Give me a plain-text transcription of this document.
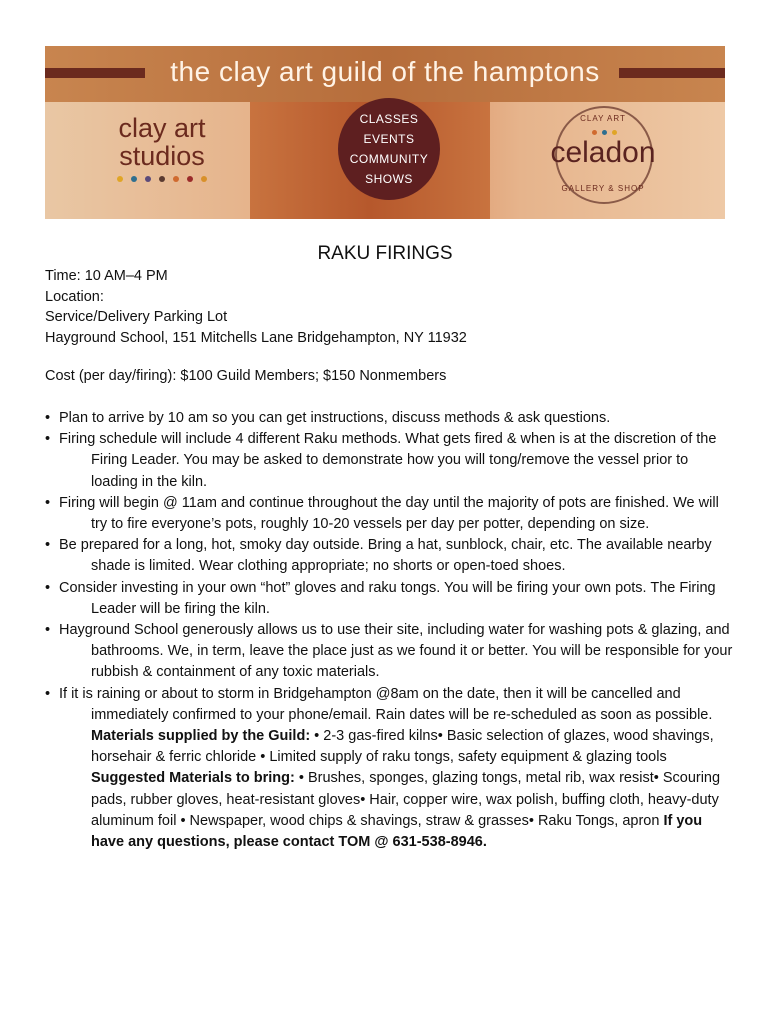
the clay art guild of the hamptons
CLASSES
EVENTS
COMMUNITY
SHOWS
clay art
studios
CLAY ART
celadon
GALLERY & SHOP
RAKU FIRINGS
Time: 10 AM–4 PM
Location:
Service/Delivery Parking Lot
Hayground School, 151 Mitchells Lane Bridgehampton, NY 11932
Cost (per day/firing): $100 Guild Members; $150 Nonmembers
• Plan to arrive by 10 am so you can get instructions, discuss methods & ask questions.
• Firing schedule will include 4 different Raku methods. What gets fired & when is at the discretion of the Firing Leader. You may be asked to demonstrate how you will tong/remove the vessel prior to loading in the kiln.
• Firing will begin @ 11am and continue throughout the day until the majority of pots are finished. We will try to fire everyone’s pots, roughly 10-20 vessels per day per potter, depending on size.
• Be prepared for a long, hot, smoky day outside. Bring a hat, sunblock, chair, etc. The available nearby shade is limited. Wear clothing appropriate; no shorts or open-toed shoes.
• Consider investing in your own “hot” gloves and raku tongs. You will be firing your own pots. The Firing Leader will be firing the kiln.
• Hayground School generously allows us to use their site, including water for washing pots & glazing, and bathrooms. We, in term, leave the place just as we found it or better. You will be responsible for your rubbish & containment of any toxic materials.
• If it is raining or about to storm in Bridgehampton @8am on the date, then it will be cancelled and immediately confirmed to your phone/email. Rain dates will be re-scheduled as soon as possible. Materials supplied by the Guild: • 2-3 gas-fired kilns• Basic selection of glazes, wood shavings, horsehair & ferric chloride • Limited supply of raku tongs, safety equipment & glazing tools Suggested Materials to bring: • Brushes, sponges, glazing tongs, metal rib, wax resist• Scouring pads, rubber gloves, heat-resistant gloves• Hair, copper wire, wax polish, buffing cloth, heavy-duty aluminum foil • Newspaper, wood chips & shavings, straw & grasses• Raku Tongs, apron If you have any questions, please contact TOM @ 631-538-8946.
